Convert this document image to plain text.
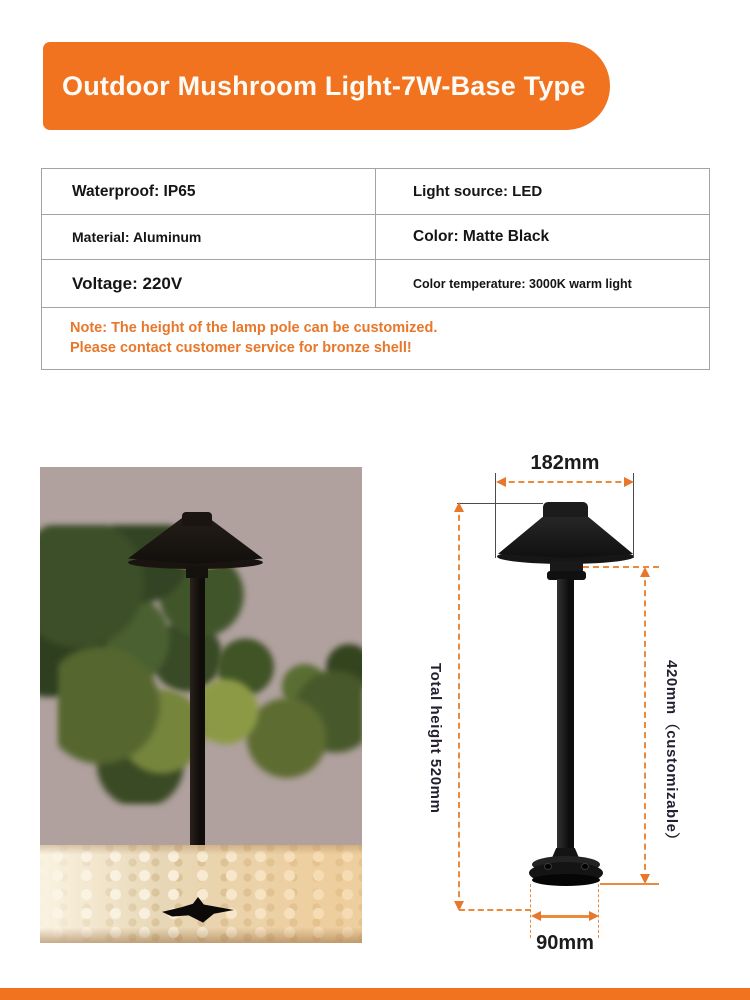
Outdoor Mushroom Light-7W-Base Type
Waterproof: IP65	Light source: LED
Material: Aluminum	Color: Matte Black
Voltage: 220V	Color temperature: 3000K warm light
Note: The height of the lamp pole can be customized.
Please contact customer service for bronze shell!
182mm
Total height 520mm	420mm（customizable）
90mm
